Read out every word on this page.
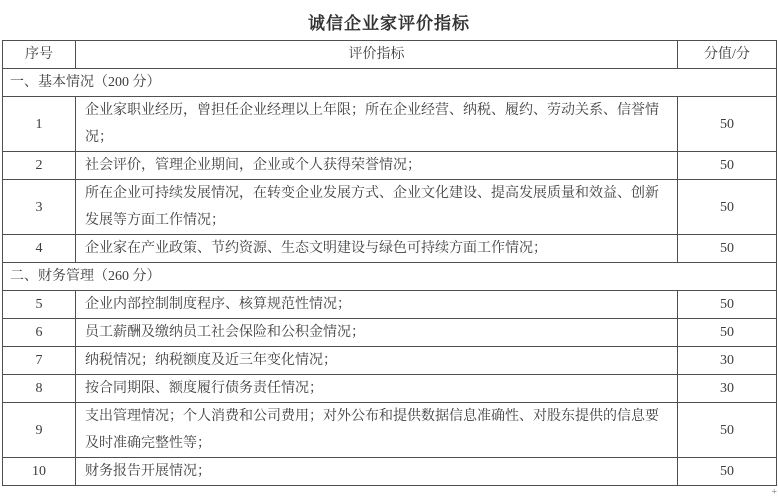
诚信企业家评价指标
序号	评价指标	分值/分
一、基本情况（200 分）		
1	企业家职业经历，曾担任企业经理以上年限；所在企业经营、纳税、履约、劳动关系、信誉情况；	50
2	社会评价，管理企业期间，企业或个人获得荣誉情况；	50
3	所在企业可持续发展情况，在转变企业发展方式、企业文化建设、提高发展质量和效益、创新发展等方面工作情况；	50
4	企业家在产业政策、节约资源、生态文明建设与绿色可持续方面工作情况；	50
二、财务管理（260 分）		
5	企业内部控制制度程序、核算规范性情况；	50
6	员工薪酬及缴纳员工社会保险和公积金情况；	50
7	纳税情况；纳税额度及近三年变化情况；	30
8	按合同期限、额度履行债务责任情况；	30
9	支出管理情况；个人消费和公司费用；对外公布和提供数据信息准确性、对股东提供的信息要及时准确完整性等；	50
10	财务报告开展情况；	50
+
